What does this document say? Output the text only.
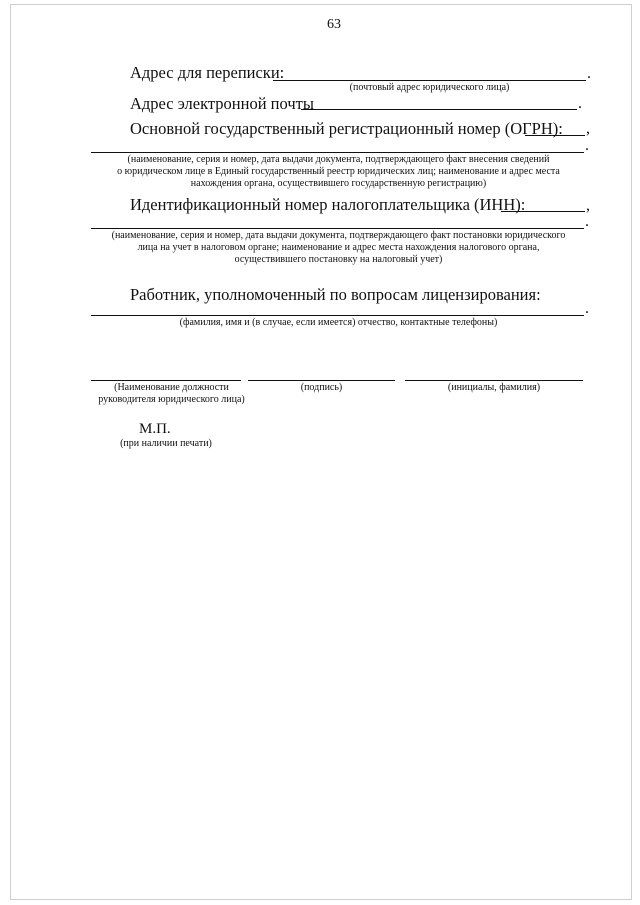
63
Адрес для переписки:	.
(почтовый адрес юридического лица)
Адрес электронной почты	.
Основной государственный регистрационный номер (ОГРН): ,
.
(наименование, серия и номер, дата выдачи документа, подтверждающего факт внесения сведений
о юридическом лице в Единый государственный реестр юридических лиц; наименование и адрес места
нахождения органа, осуществившего государственную регистрацию)
Идентификационный номер налогоплательщика (ИНН):	,
.
(наименование, серия и номер, дата выдачи документа, подтверждающего факт постановки юридического
лица на учет в налоговом органе; наименование и адрес места нахождения налогового органа,
осуществившего постановку на налоговый учет)
Работник, уполномоченный по вопросам лицензирования:
.
(фамилия, имя и (в случае, если имеется) отчество, контактные телефоны)
(Наименование должности
руководителя юридического лица)
(подпись)	(инициалы, фамилия)
М.П.
(при наличии печати)
